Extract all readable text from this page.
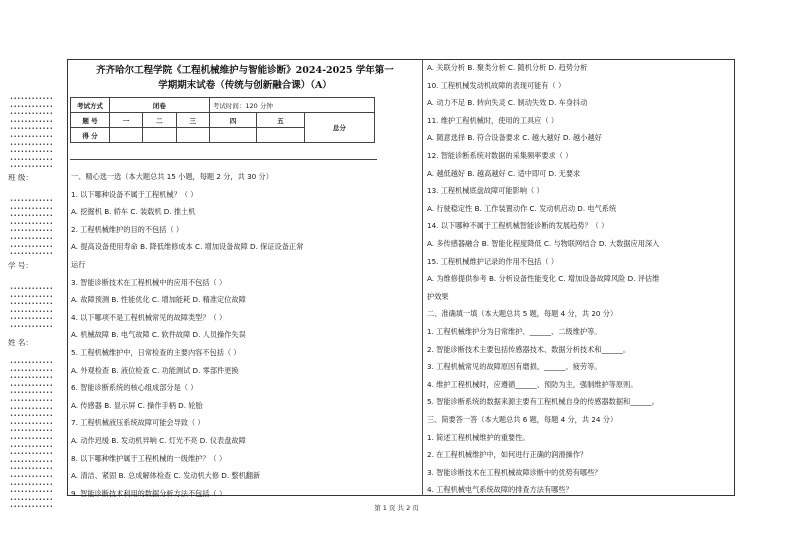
••••••••••••
••••••••••••
••••••••••••
••••••••••••
••••••••••••
••••••••••••
••••••••••••
••••••••••••
••••••••••••
••••••••••••
班 级：
••••••••••••
••••••••••••
••••••••••••
••••••••••••
••••••••••••
••••••••••••
••••••••••••
••••••••••••
学 号：
••••••••••••
••••••••••••
••••••••••••
••••••••••••
••••••••••••
••••••••••••
姓 名：
••••••••••••
••••••••••••
••••••••••••
••••••••••••
••••••••••••
••••••••••••
••••••••••••
••••••••••••
••••••••••••
••••••••••••
••••••••••••
••••••••••••
••••••••••••
••••••••••••
••••••••••••
••••••••••••
••••••••••••
••••••••••••
••••••••••••
••••••••••••
齐齐哈尔工程学院《工程机械维护与智能诊断》2024-2025 学年第一
学期期末试卷（传统与创新融合课）（A）
考试方式	闭卷			考试时间：120 分钟		
题 号	一	二	三	四	五	总分
得 分						
一、精心选一选（本大题总共 15 小题，每题 2 分，共 30 分）
1. 以下哪种设备不属于工程机械？（ ）
A. 挖掘机 B. 轿车 C. 装载机 D. 推土机
2. 工程机械维护的目的不包括（ ）
A. 提高设备使用寿命 B. 降低维修成本 C. 增加设备故障 D. 保证设备正常
运行
3. 智能诊断技术在工程机械中的应用不包括（ ）
A. 故障预测 B. 性能优化 C. 增加能耗 D. 精准定位故障
4. 以下哪项不是工程机械常见的故障类型？（ ）
A. 机械故障 B. 电气故障 C. 软件故障 D. 人员操作失误
5. 工程机械维护中，日常检查的主要内容不包括（ ）
A. 外观检查 B. 液位检查 C. 功能测试 D. 零部件更换
6. 智能诊断系统的核心组成部分是（ ）
A. 传感器 B. 显示屏 C. 操作手柄 D. 轮胎
7. 工程机械液压系统故障可能会导致（ ）
A. 动作迟缓 B. 发动机异响 C. 灯光不亮 D. 仪表盘故障
8. 以下哪种维护属于工程机械的一级维护？（ ）
A. 清洁、紧固 B. 总成解体检查 C. 发动机大修 D. 整机翻新
9. 智能诊断技术利用的数据分析方法不包括（ ）
A. 关联分析 B. 聚类分析 C. 随机分析 D. 趋势分析
10. 工程机械发动机故障的表现可能有（ ）
A. 动力不足 B. 转向失灵 C. 制动失效 D. 车身抖动
11. 维护工程机械时，使用的工具应（ ）
A. 随意选择 B. 符合设备要求 C. 越大越好 D. 越小越好
12. 智能诊断系统对数据的采集频率要求（ ）
A. 越低越好 B. 越高越好 C. 适中即可 D. 无要求
13. 工程机械底盘故障可能影响（ ）
A. 行驶稳定性 B. 工作装置动作 C. 发动机启动 D. 电气系统
14. 以下哪种不属于工程机械智能诊断的发展趋势？（ ）
A. 多传感器融合 B. 智能化程度降低 C. 与物联网结合 D. 大数据应用深入
15. 工程机械维护记录的作用不包括（ ）
A. 为维修提供参考 B. 分析设备性能变化 C. 增加设备故障风险 D. 评估维
护效果
二、准确填一填（本大题总共 5 题，每题 4 分，共 20 分）
1. 工程机械维护分为日常维护、______、二级维护等。
2. 智能诊断技术主要包括传感器技术、数据分析技术和______。
3. 工程机械常见的故障原因有磨损、______、疲劳等。
4. 维护工程机械时，应遵循______、预防为主，强制维护等原则。
5. 智能诊断系统的数据来源主要有工程机械自身的传感器数据和______。
三、简要答一答（本大题总共 6 题，每题 4 分，共 24 分）
1. 简述工程机械维护的重要性。
2. 在工程机械维护中，如何进行正确的润滑操作？
3. 智能诊断技术在工程机械故障诊断中的优势有哪些？
4. 工程机械电气系统故障的排查方法有哪些？
第 1 页 共 2 页
